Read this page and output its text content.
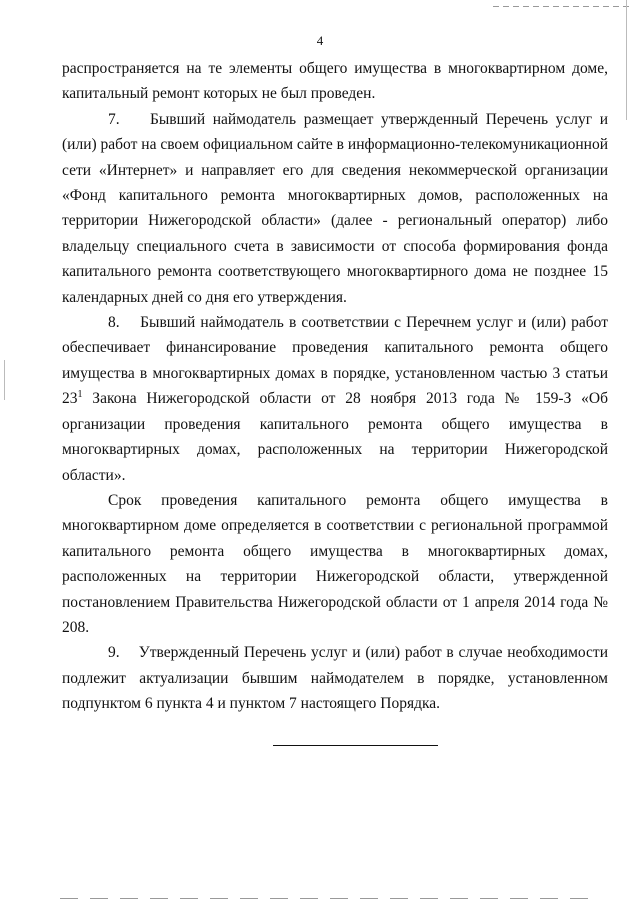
4

распространяется на те элементы общего имущества в многоквартирном доме, капитальный ремонт которых не был проведен.

7.    Бывший наймодатель размещает утвержденный Перечень услуг и (или) работ на своем официальном сайте в информационно-телекомуникационной сети «Интернет» и направляет его для сведения некоммерческой организации «Фонд капитального ремонта многоквартирных домов, расположенных на территории Нижегородской области» (далее - региональный оператор) либо владельцу специального счета в зависимости от способа формирования фонда капитального ремонта соответствующего многоквартирного дома не позднее 15 календарных дней со дня его утверждения.

8.    Бывший наймодатель в соответствии с Перечнем услуг и (или) работ обеспечивает финансирование проведения капитального ремонта общего имущества в многоквартирных домах в порядке, установленном частью 3 статьи $23^1$ Закона Нижегородской области от 28 ноября 2013 года № 159-З «Об организации проведения капитального ремонта общего имущества в многоквартирных домах, расположенных на территории Нижегородской области».

Срок проведения капитального ремонта общего имущества в многоквартирном доме определяется в соответствии с региональной программой капитального ремонта общего имущества в многоквартирных домах, расположенных на территории Нижегородской области, утвержденной постановлением Правительства Нижегородской области от 1 апреля 2014 года № 208.

9.    Утвержденный Перечень услуг и (или) работ в случае необходимости подлежит актуализации бывшим наймодателем в порядке, установленном подпунктом 6 пункта 4 и пунктом 7 настоящего Порядка.
